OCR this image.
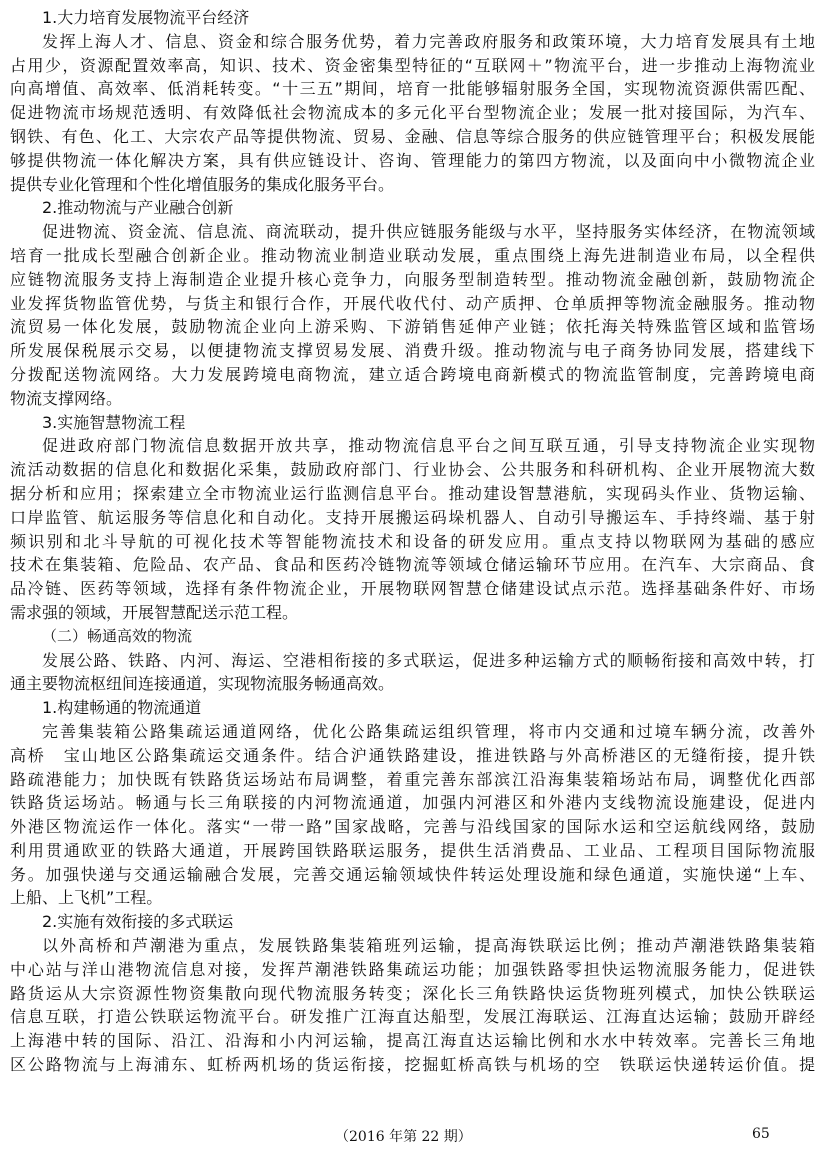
1.大力培育发展物流平台经济
发挥上海人才、信息、资金和综合服务优势，着力完善政府服务和政策环境，大力培育发展具有土地
占用少，资源配置效率高，知识、技术、资金密集型特征的“互联网＋”物流平台，进一步推动上海物流业
向高增值、高效率、低消耗转变。“十三五”期间，培育一批能够辐射服务全国，实现物流资源供需匹配、
促进物流市场规范透明、有效降低社会物流成本的多元化平台型物流企业；发展一批对接国际，为汽车、
钢铁、有色、化工、大宗农产品等提供物流、贸易、金融、信息等综合服务的供应链管理平台；积极发展能
够提供物流一体化解决方案，具有供应链设计、咨询、管理能力的第四方物流，以及面向中小微物流企业
提供专业化管理和个性化增值服务的集成化服务平台。
2.推动物流与产业融合创新
促进物流、资金流、信息流、商流联动，提升供应链服务能级与水平，坚持服务实体经济，在物流领域
培育一批成长型融合创新企业。推动物流业制造业联动发展，重点围绕上海先进制造业布局，以全程供
应链物流服务支持上海制造企业提升核心竞争力，向服务型制造转型。推动物流金融创新，鼓励物流企
业发挥货物监管优势，与货主和银行合作，开展代收代付、动产质押、仓单质押等物流金融服务。推动物
流贸易一体化发展，鼓励物流企业向上游采购、下游销售延伸产业链；依托海关特殊监管区域和监管场
所发展保税展示交易，以便捷物流支撑贸易发展、消费升级。推动物流与电子商务协同发展，搭建线下
分拨配送物流网络。大力发展跨境电商物流，建立适合跨境电商新模式的物流监管制度，完善跨境电商
物流支撑网络。
3.实施智慧物流工程
促进政府部门物流信息数据开放共享，推动物流信息平台之间互联互通，引导支持物流企业实现物
流活动数据的信息化和数据化采集，鼓励政府部门、行业协会、公共服务和科研机构、企业开展物流大数
据分析和应用；探索建立全市物流业运行监测信息平台。推动建设智慧港航，实现码头作业、货物运输、
口岸监管、航运服务等信息化和自动化。支持开展搬运码垛机器人、自动引导搬运车、手持终端、基于射
频识别和北斗导航的可视化技术等智能物流技术和设备的研发应用。重点支持以物联网为基础的感应
技术在集装箱、危险品、农产品、食品和医药冷链物流等领域仓储运输环节应用。在汽车、大宗商品、食
品冷链、医药等领域，选择有条件物流企业，开展物联网智慧仓储建设试点示范。选择基础条件好、市场
需求强的领域，开展智慧配送示范工程。
（二）畅通高效的物流
发展公路、铁路、内河、海运、空港相衔接的多式联运，促进多种运输方式的顺畅衔接和高效中转，打
通主要物流枢纽间连接通道，实现物流服务畅通高效。
1.构建畅通的物流通道
完善集装箱公路集疏运通道网络，优化公路集疏运组织管理，将市内交通和过境车辆分流，改善外
高桥　宝山地区公路集疏运交通条件。结合沪通铁路建设，推进铁路与外高桥港区的无缝衔接，提升铁
路疏港能力；加快既有铁路货运场站布局调整，着重完善东部滨江沿海集装箱场站布局，调整优化西部
铁路货运场站。畅通与长三角联接的内河物流通道，加强内河港区和外港内支线物流设施建设，促进内
外港区物流运作一体化。落实“一带一路”国家战略，完善与沿线国家的国际水运和空运航线网络，鼓励
利用贯通欧亚的铁路大通道，开展跨国铁路联运服务，提供生活消费品、工业品、工程项目国际物流服
务。加强快递与交通运输融合发展，完善交通运输领域快件转运处理设施和绿色通道，实施快递“上车、
上船、上飞机”工程。
2.实施有效衔接的多式联运
以外高桥和芦潮港为重点，发展铁路集装箱班列运输，提高海铁联运比例；推动芦潮港铁路集装箱
中心站与洋山港物流信息对接，发挥芦潮港铁路集疏运功能；加强铁路零担快运物流服务能力，促进铁
路货运从大宗资源性物资集散向现代物流服务转变；深化长三角铁路快运货物班列模式，加快公铁联运
信息互联，打造公铁联运物流平台。研发推广江海直达船型，发展江海联运、江海直达运输；鼓励开辟经
上海港中转的国际、沿江、沿海和小内河运输，提高江海直达运输比例和水水中转效率。完善长三角地
区公路物流与上海浦东、虹桥两机场的货运衔接，挖掘虹桥高铁与机场的空　铁联运快递转运价值。提
（2016 年第 22 期）	65
